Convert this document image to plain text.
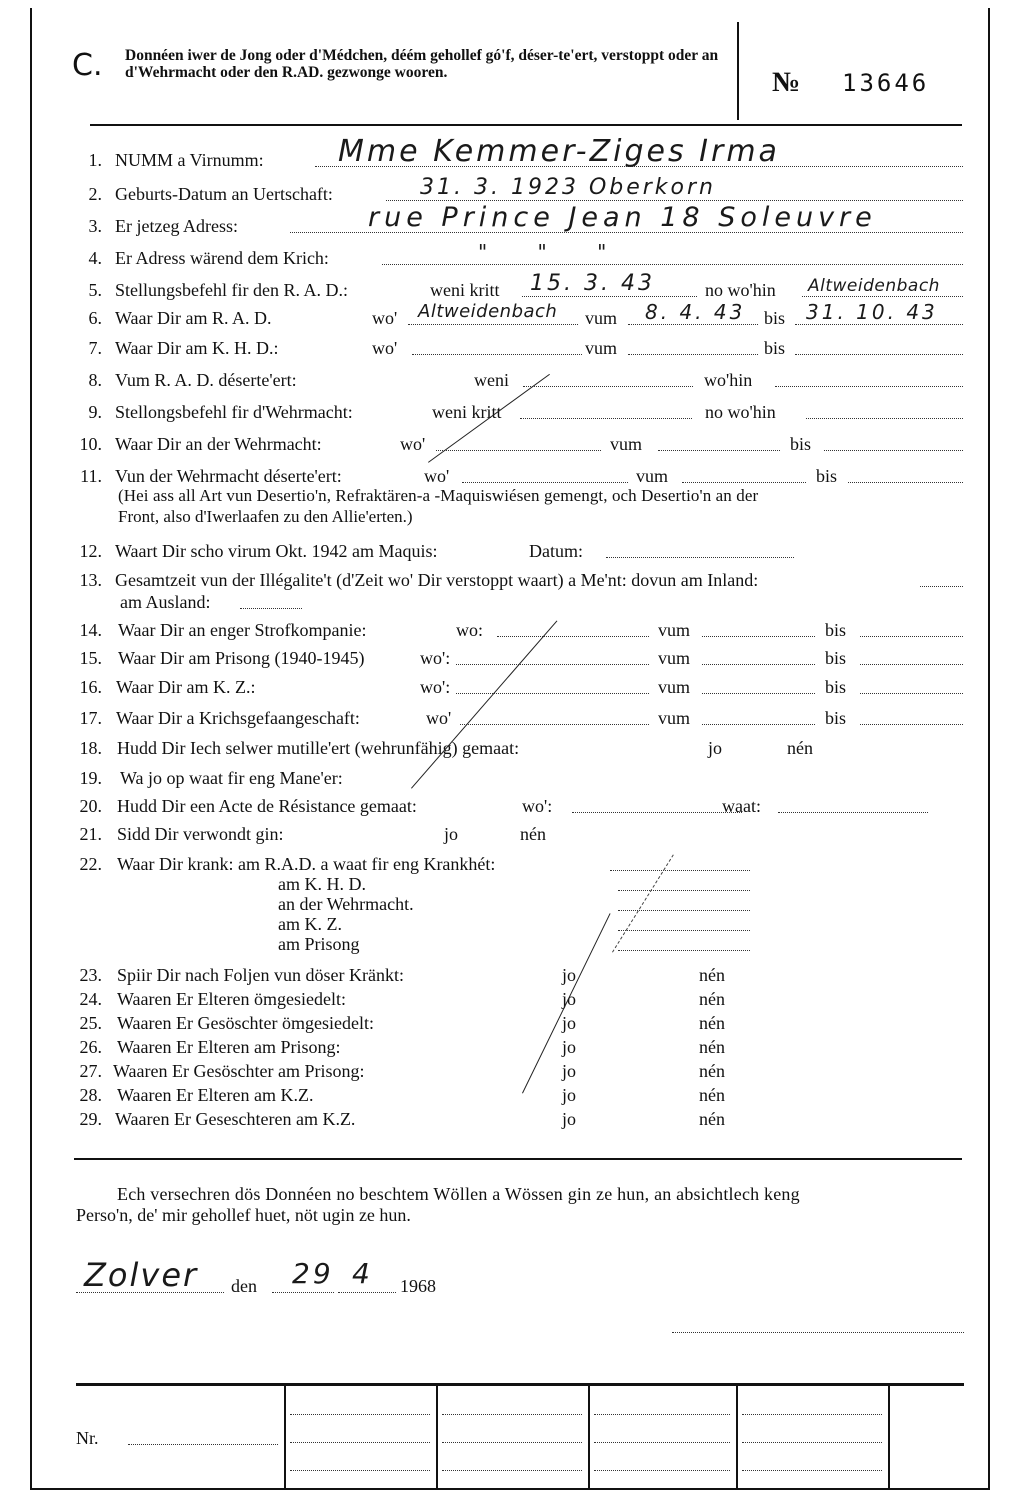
C. Donnéen iwer de Jong oder d'Médchen, déém gehollef gó'f, déser-te'ert, verstoppt oder an d'Wehrmacht oder den R.AD. gezwonge wooren.	№ 13646
1. NUMM a Virnumm: Mme Kemmer-Ziges Irma
2. Geburts-Datum an Uertschaft:	31. 3. 1923 Oberkorn
3. Er jetzeg Adress:	rue Prince Jean 18 Soleuvre
4. Er Adress wärend dem Krich:	" " "
5. Stellungsbefehl fir den R. A. D.:	weni kritt 15. 3. 43	no wo'hin Altweidenbach
6. Waar Dir am R. A. D.	wo' Altweidenbach vum 8. 4. 43 bis 31. 10. 43
7. Waar Dir am K. H. D.:	wo'	vum	bis
8. Vum R. A. D. déserte'ert:	weni	wo'hin
9. Stellongsbefehl fir d'Wehrmacht:	weni kritt	no wo'hin
10. Waar Dir an der Wehrmacht:	wo'	vum	bis
11. Vun der Wehrmacht déserte'ert:	wo'	vum	bis
(Hei ass all Art vun Desertio'n, Refraktären-a -Maquiswiésen gemengt, och Desertio'n an der
Front, also d'Iwerlaafen zu den Allie'erten.)
12. Waart Dir scho virum Okt. 1942 am Maquis:	Datum:
13. Gesamtzeit vun der Illégalite't (d'Zeit wo' Dir verstoppt waart) a Me'nt: dovun am Inland:
am Ausland:
14. Waar Dir an enger Strofkompanie:	wo:	vum	bis
15. Waar Dir am Prisong (1940-1945)	wo':	vum	bis
16. Waar Dir am K. Z.:	wo':	vum	bis
17. Waar Dir a Krichsgefaangeschaft:	wo'	vum	bis
18. Hudd Dir Iech selwer mutille'ert (wehrunfähig) gemaat:	jo	nén
19. Wa jo op waat fir eng Mane'er:
20. Hudd Dir een Acte de Résistance gemaat:	wo':	waat:
21. Sidd Dir verwondt gin:	jo	nén
22. Waar Dir krank: am R.A.D. a waat fir eng Krankhét:
am K. H. D.
an der Wehrmacht.
am K. Z.
am Prisong
23. Spiir Dir nach Foljen vun döser Kränkt:	jo	nén
24. Waaren Er Elteren ömgesiedelt:	jo	nén
25. Waaren Er Gesöschter ömgesiedelt:	jo	nén
26. Waaren Er Elteren am Prisong:	jo	nén
27. Waaren Er Gesöschter am Prisong:	jo	nén
28. Waaren Er Elteren am K.Z.	jo	nén
29. Waaren Er Geseschteren am K.Z.	jo	nén
Ech versechren dös Donnéen no beschtem Wöllen a Wössen gin ze hun, an absichtlech keng
Perso'n, de' mir gehollef huet, nöt ugin ze hun.
Zolver den 29 4 1968
Nr.
